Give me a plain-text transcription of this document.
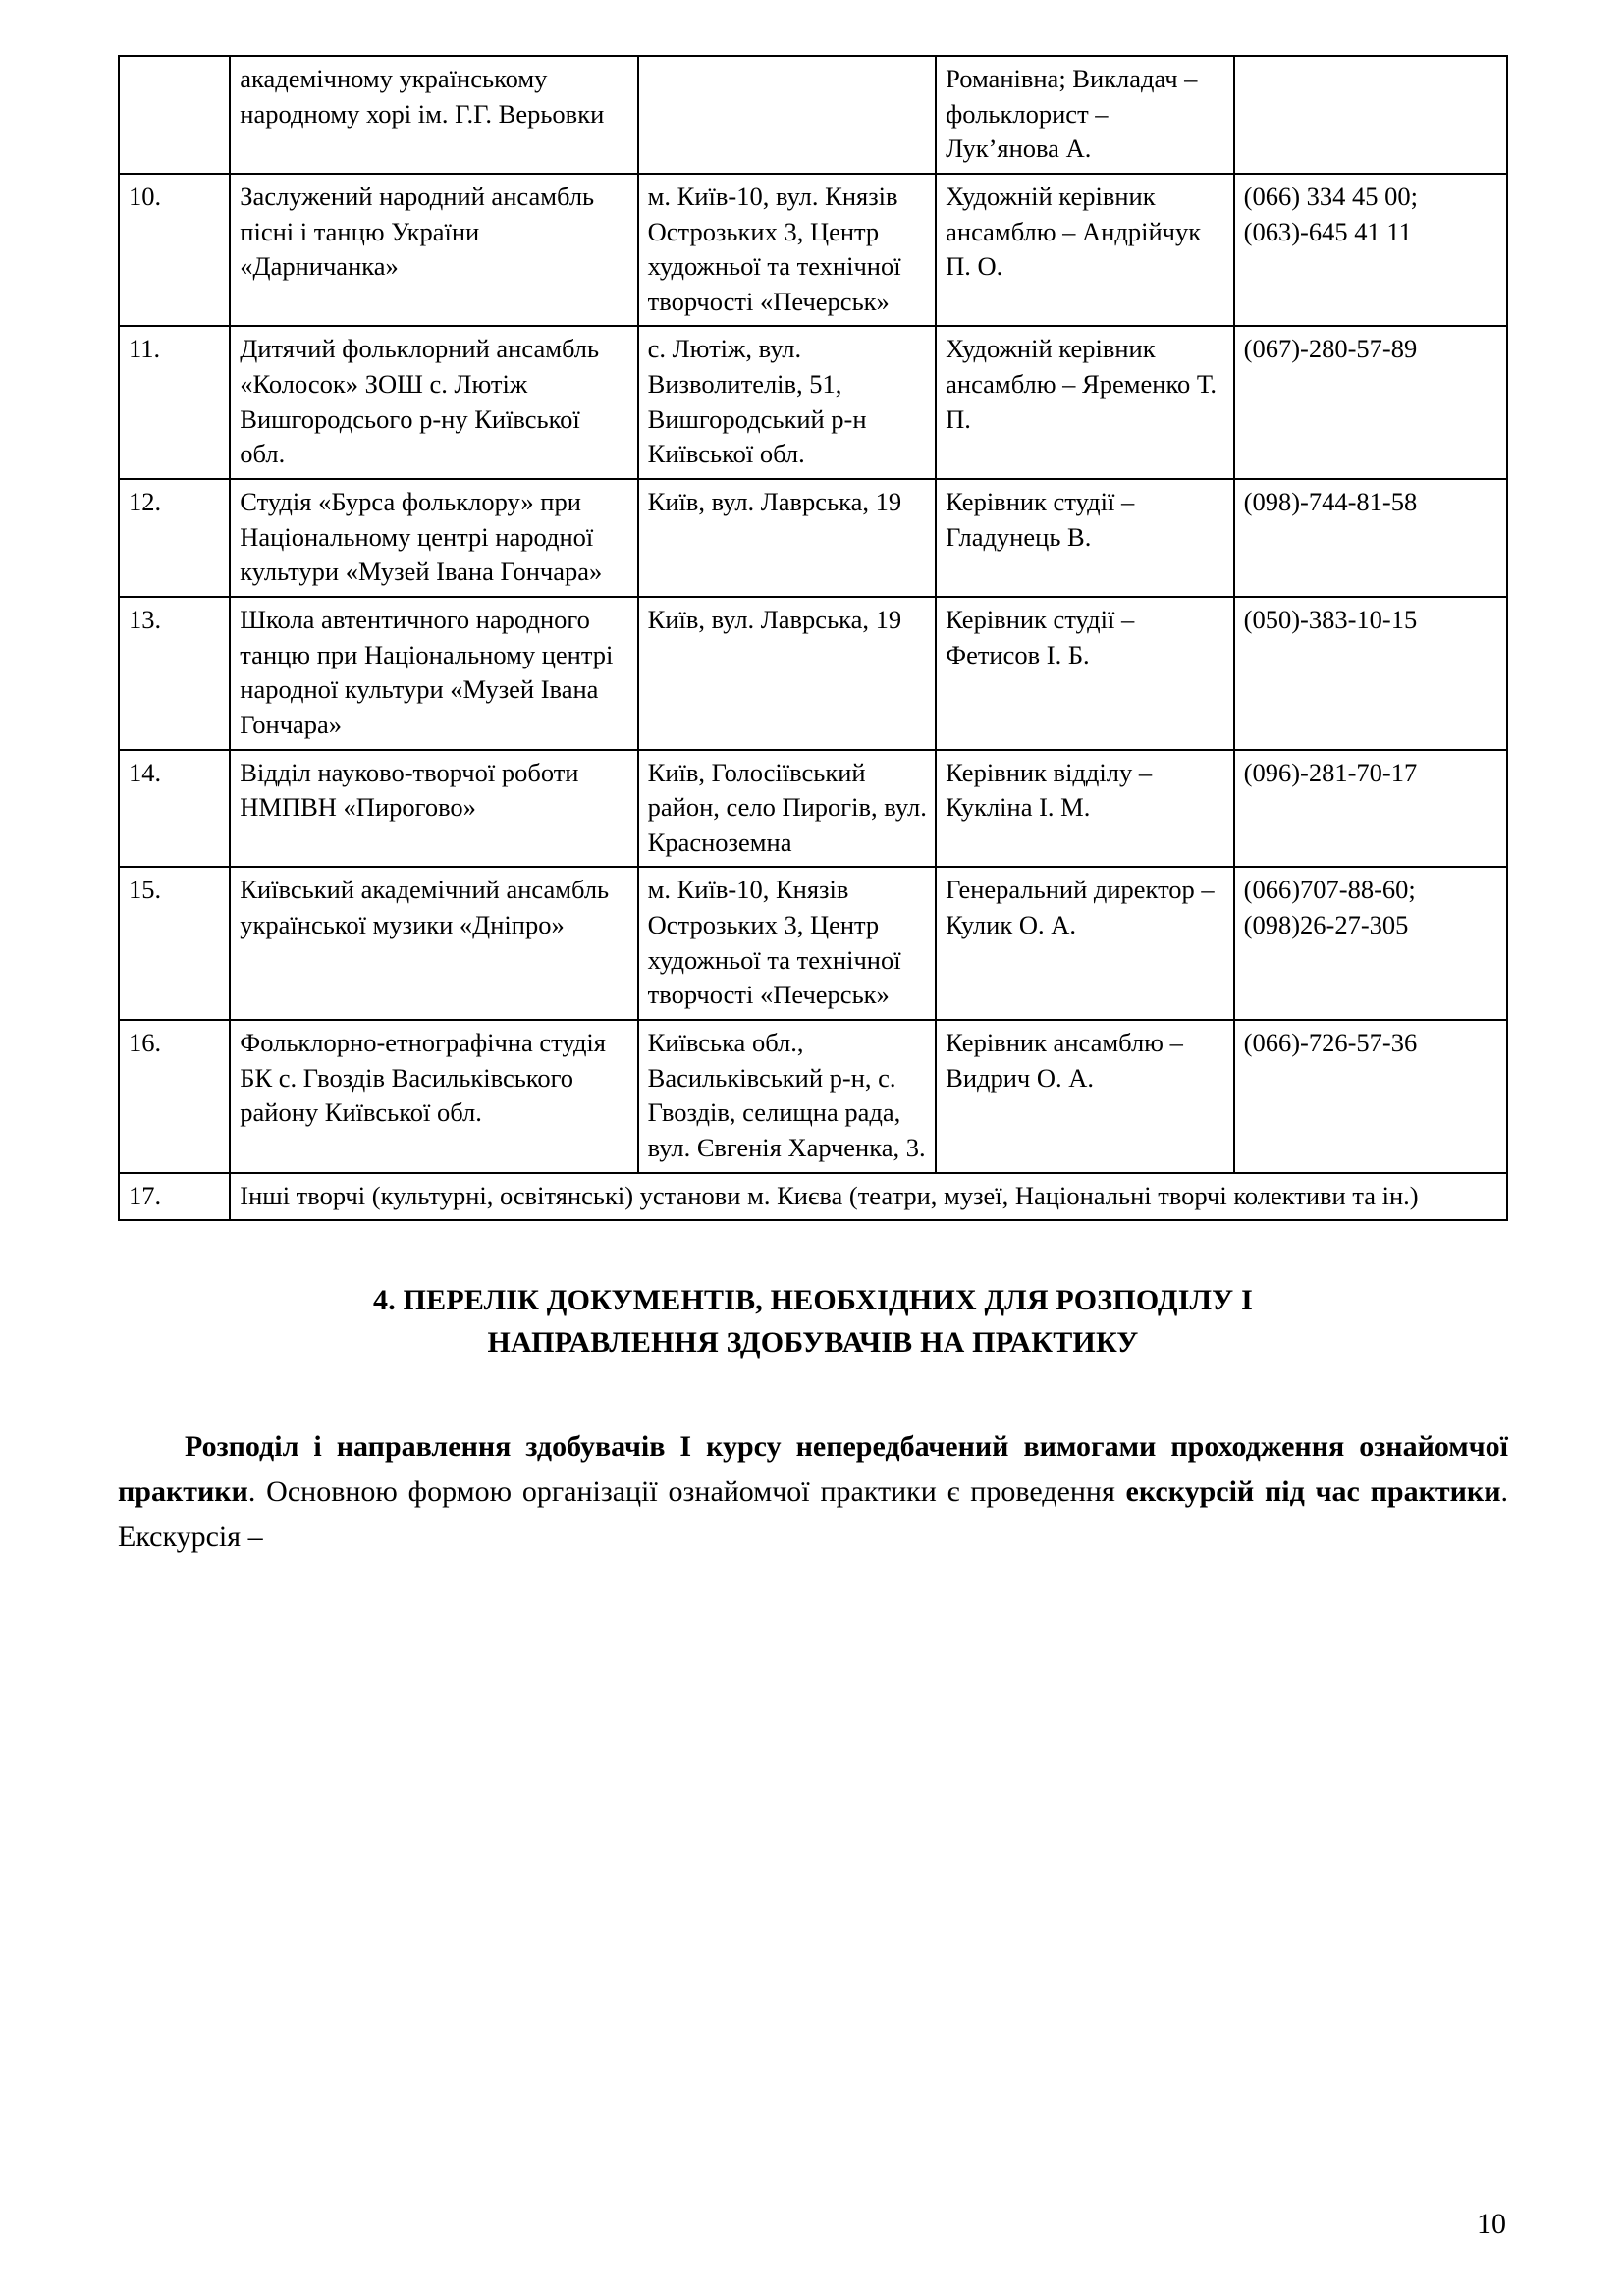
	академічному українському народному хорі ім. Г.Г. Верьовки		Романівна; Викладач – фольклорист – Лук’янова А.	
10.	Заслужений народний ансамбль пісні і танцю України «Дарничанка»	м. Київ-10, вул. Князів Острозьких 3, Центр художньої та технічної творчості «Печерськ»	Художній керівник ансамблю – Андрійчук П. О.	(066) 334 45 00; (063)-645 41 11
11.	Дитячий фольклорний ансамбль «Колосок» ЗОШ с. Лютіж Вишгородсьогo р-ну Київської обл.	с. Лютіж, вул. Визволителів, 51, Вишгородський р-н Київської обл.	Художній керівник ансамблю – Яременко Т. П.	(067)-280-57-89
12.	Студія «Бурса фольклору» при Національному центрі народної культури «Музей Івана Гончара»	Київ, вул. Лаврська, 19	Керівник студії – Гладунець В.	(098)-744-81-58
13.	Школа автентичного народного танцю при Національному центрі народної культури «Музей Івана Гончара»	Київ, вул. Лаврська, 19	Керівник студії – Фетисов І. Б.	(050)-383-10-15
14.	Відділ науково-творчої роботи НМПВН «Пирогово»	Київ, Голосіївський район, село Пирогів, вул. Красноземна	Керівник відділу – Кукліна І. М.	(096)-281-70-17
15.	Київський академічний ансамбль української музики «Дніпро»	м. Київ-10, Князів Острозьких 3, Центр художньої та технічної творчості «Печерськ»	Генеральний директор – Кулик О. А.	(066)707-88-60; (098)26-27-305
16.	Фольклорно-етнографічна студія БК с. Гвоздів Васильківського району Київської обл.	Київська обл., Васильківський р-н, с. Гвоздів, селищна рада, вул. Євгенія Харченка, 3.	Керівник ансамблю – Видрич О. А.	(066)-726-57-36
17.	Інші творчі (культурні, освітянські) установи м. Києва (театри, музеї, Національні творчі колективи та ін.)			
4. ПЕРЕЛІК ДОКУМЕНТІВ, НЕОБХІДНИХ ДЛЯ РОЗПОДІЛУ І
НАПРАВЛЕННЯ ЗДОБУВАЧІВ НА ПРАКТИКУ

Розподіл і направлення здобувачів І курсу непередбачений вимогами проходження ознайомчої практики. Основною формою організації ознайомчої практики є проведення екскурсій під час практики. Екскурсія –

10
